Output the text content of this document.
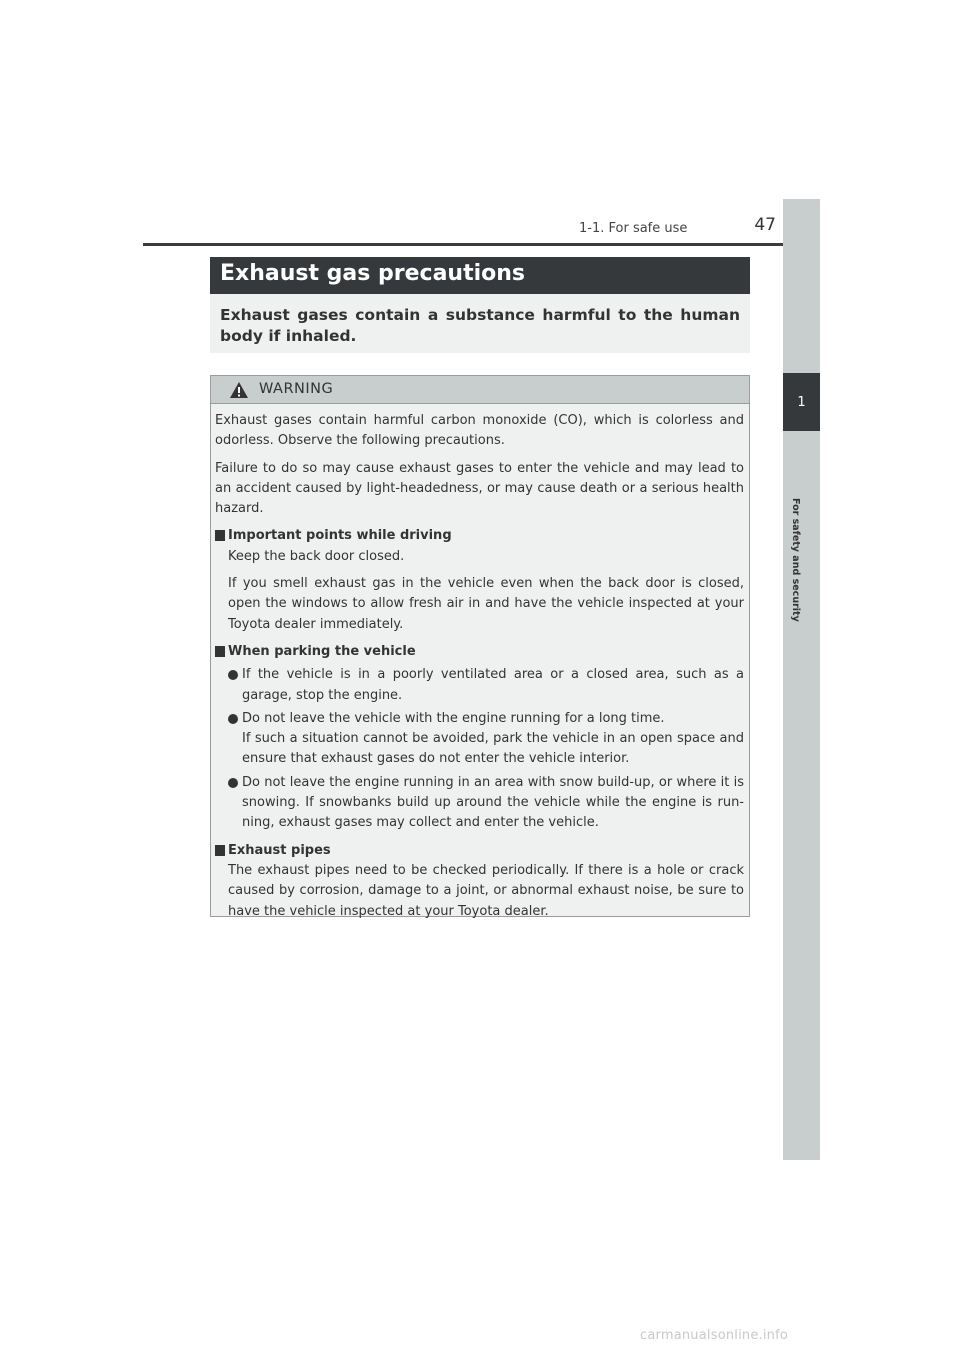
1-1. For safe use	47
1
For safety and security
Exhaust gas precautions
Exhaust gases contain a substance harmful to the human body if inhaled.
WARNING

Exhaust gases contain harmful carbon monoxide (CO), which is colorless and odorless. Observe the following precautions.

Failure to do so may cause exhaust gases to enter the vehicle and may lead to an accident caused by light-headedness, or may cause death or a serious health hazard.

Important points while driving

Keep the back door closed.

If you smell exhaust gas in the vehicle even when the back door is closed, open the windows to allow fresh air in and have the vehicle inspected at your Toyota dealer immediately.

When parking the vehicle

If the vehicle is in a poorly ventilated area or a closed area, such as a garage, stop the engine.

Do not leave the vehicle with the engine running for a long time.

If such a situation cannot be avoided, park the vehicle in an open space and ensure that exhaust gases do not enter the vehicle interior.

Do not leave the engine running in an area with snow build-up, or where it is snowing. If snowbanks build up around the vehicle while the engine is run-ning, exhaust gases may collect and enter the vehicle.

Exhaust pipes

The exhaust pipes need to be checked periodically. If there is a hole or crack caused by corrosion, damage to a joint, or abnormal exhaust noise, be sure to have the vehicle inspected at your Toyota dealer.

carmanualsonline.info
